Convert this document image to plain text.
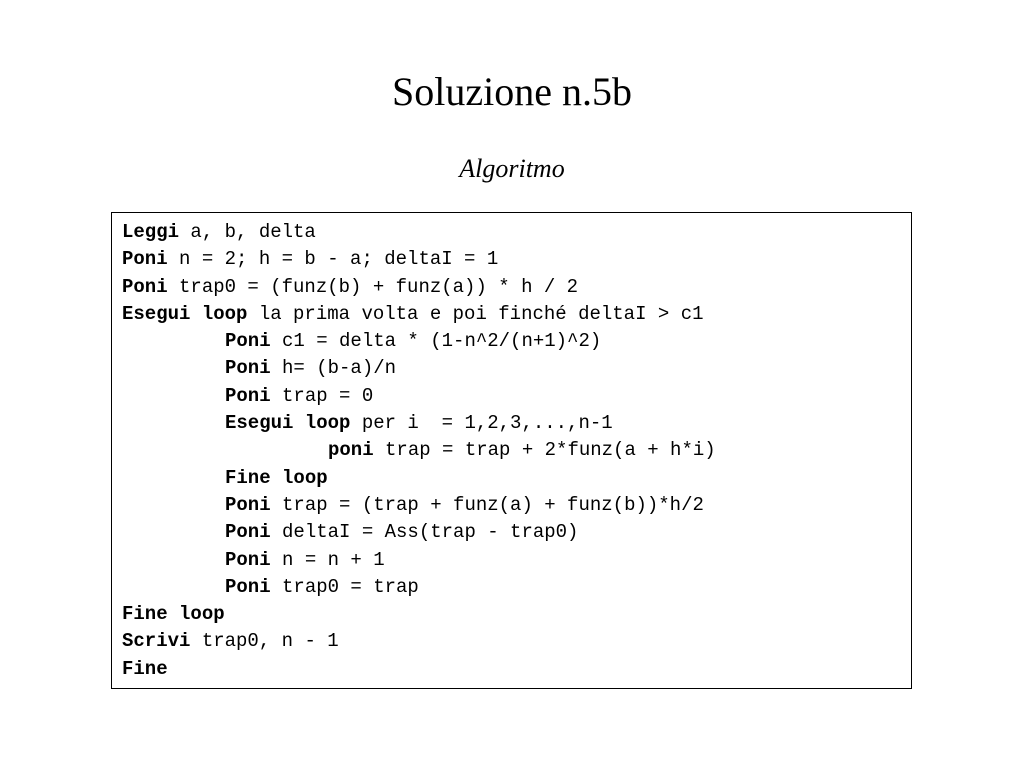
Soluzione n.5b
Algoritmo
Leggi a, b, delta
Poni n = 2; h = b - a; deltaI = 1
Poni trap0 = (funz(b) + funz(a)) * h / 2
Esegui loop la prima volta e poi finché deltaI > c1
Poni c1 = delta * (1-n^2/(n+1)^2)
Poni h= (b-a)/n
Poni trap = 0
Esegui loop per i  = 1,2,3,...,n-1
poni trap = trap + 2*funz(a + h*i)
Fine loop
Poni trap = (trap + funz(a) + funz(b))*h/2
Poni deltaI = Ass(trap - trap0)
Poni n = n + 1
Poni trap0 = trap
Fine loop
Scrivi trap0, n - 1
Fine
